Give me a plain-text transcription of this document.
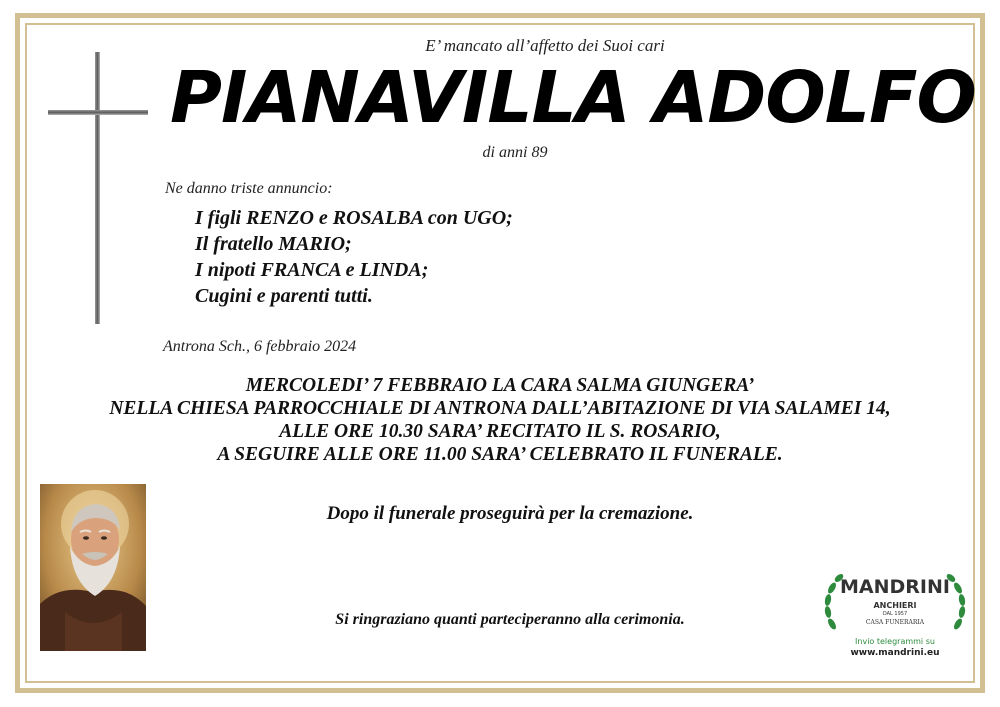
E’ mancato all’affetto dei Suoi cari
PIANAVILLA ADOLFO
di anni 89
Ne danno triste annuncio:
I figli RENZO e ROSALBA con UGO;
Il fratello MARIO;
I nipoti FRANCA e LINDA;
Cugini e parenti tutti.
Antrona Sch., 6 febbraio 2024
MERCOLEDI’ 7 FEBBRAIO LA CARA SALMA GIUNGERA’
NELLA CHIESA PARROCCHIALE DI ANTRONA DALL’ABITAZIONE DI VIA SALAMEI 14,
ALLE ORE 10.30 SARA’ RECITATO IL S. ROSARIO,
A SEGUIRE ALLE ORE 11.00 SARA’ CELEBRATO IL FUNERALE.
Dopo il funerale proseguirà per la cremazione.
Si ringraziano quanti parteciperanno alla cerimonia.
MANDRINI
ANCHIERI
DAL 1957
CASA FUNERARIA
Invio telegrammi su
www.mandrini.eu
